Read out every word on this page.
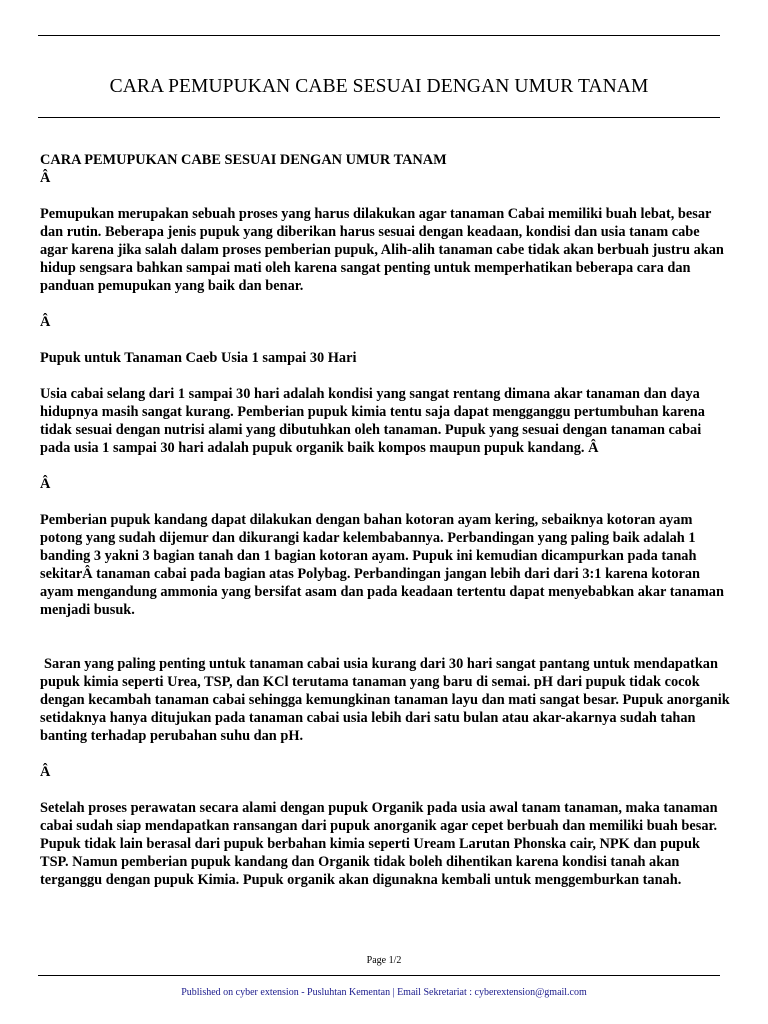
CARA PEMUPUKAN CABE SESUAI DENGAN UMUR TANAM

CARA PEMUPUKAN CABE SESUAI DENGAN UMUR TANAM

Â

Pemupukan merupakan sebuah proses yang harus dilakukan agar tanaman Cabai memiliki buah lebat, besar dan rutin. Beberapa jenis pupuk yang diberikan harus sesuai dengan keadaan, kondisi dan usia tanam cabe agar karena jika salah dalam proses pemberian pupuk, Alih-alih tanaman cabe tidak akan berbuah justru akan hidup sengsara bahkan sampai mati oleh karena sangat penting untuk memperhatikan beberapa cara dan panduan pemupukan yang baik dan benar.

Â

Pupuk untuk Tanaman Caeb Usia 1 sampai 30 Hari

Usia cabai selang dari 1 sampai 30 hari adalah kondisi yang sangat rentang dimana akar tanaman dan daya hidupnya masih sangat kurang. Pemberian pupuk kimia tentu saja dapat mengganggu pertumbuhan karena tidak sesuai dengan nutrisi alami yang dibutuhkan oleh tanaman. Pupuk yang sesuai dengan tanaman cabai pada usia 1 sampai 30 hari adalah pupuk organik baik kompos maupun pupuk kandang. Â

Â

Pemberian pupuk kandang dapat dilakukan dengan bahan kotoran ayam kering, sebaiknya kotoran ayam potong yang sudah dijemur dan dikurangi kadar kelembabannya. Perbandingan yang paling baik adalah 1 banding 3 yakni 3 bagian tanah dan 1 bagian kotoran ayam. Pupuk ini kemudian dicampurkan pada tanah sekitarÂ tanaman cabai pada bagian atas Polybag. Perbandingan jangan lebih dari dari 3:1 karena kotoran ayam mengandung ammonia yang bersifat asam dan pada keadaan tertentu dapat menyebabkan akar tanaman menjadi busuk.

Saran yang paling penting untuk tanaman cabai usia kurang dari 30 hari sangat pantang untuk mendapatkan pupuk kimia seperti Urea, TSP, dan KCl terutama tanaman yang baru di semai. pH dari pupuk tidak cocok dengan kecambah tanaman cabai sehingga kemungkinan tanaman layu dan mati sangat besar. Pupuk anorganik setidaknya hanya ditujukan pada tanaman cabai usia lebih dari satu bulan atau akar-akarnya sudah tahan banting terhadap perubahan suhu dan pH.

Â

Setelah proses perawatan secara alami dengan pupuk Organik pada usia awal tanam tanaman, maka tanaman cabai sudah siap mendapatkan ransangan dari pupuk anorganik agar cepet berbuah dan memiliki buah besar. Pupuk tidak lain berasal dari pupuk berbahan kimia seperti Uream Larutan Phonska cair, NPK dan pupuk TSP. Namun pemberian pupuk kandang dan Organik tidak boleh dihentikan karena kondisi tanah akan terganggu dengan pupuk Kimia. Pupuk organik akan digunakna kembali untuk menggemburkan tanah.

Page 1/2
Published on cyber extension - Pusluhtan Kementan | Email Sekretariat : cyberextension@gmail.com
